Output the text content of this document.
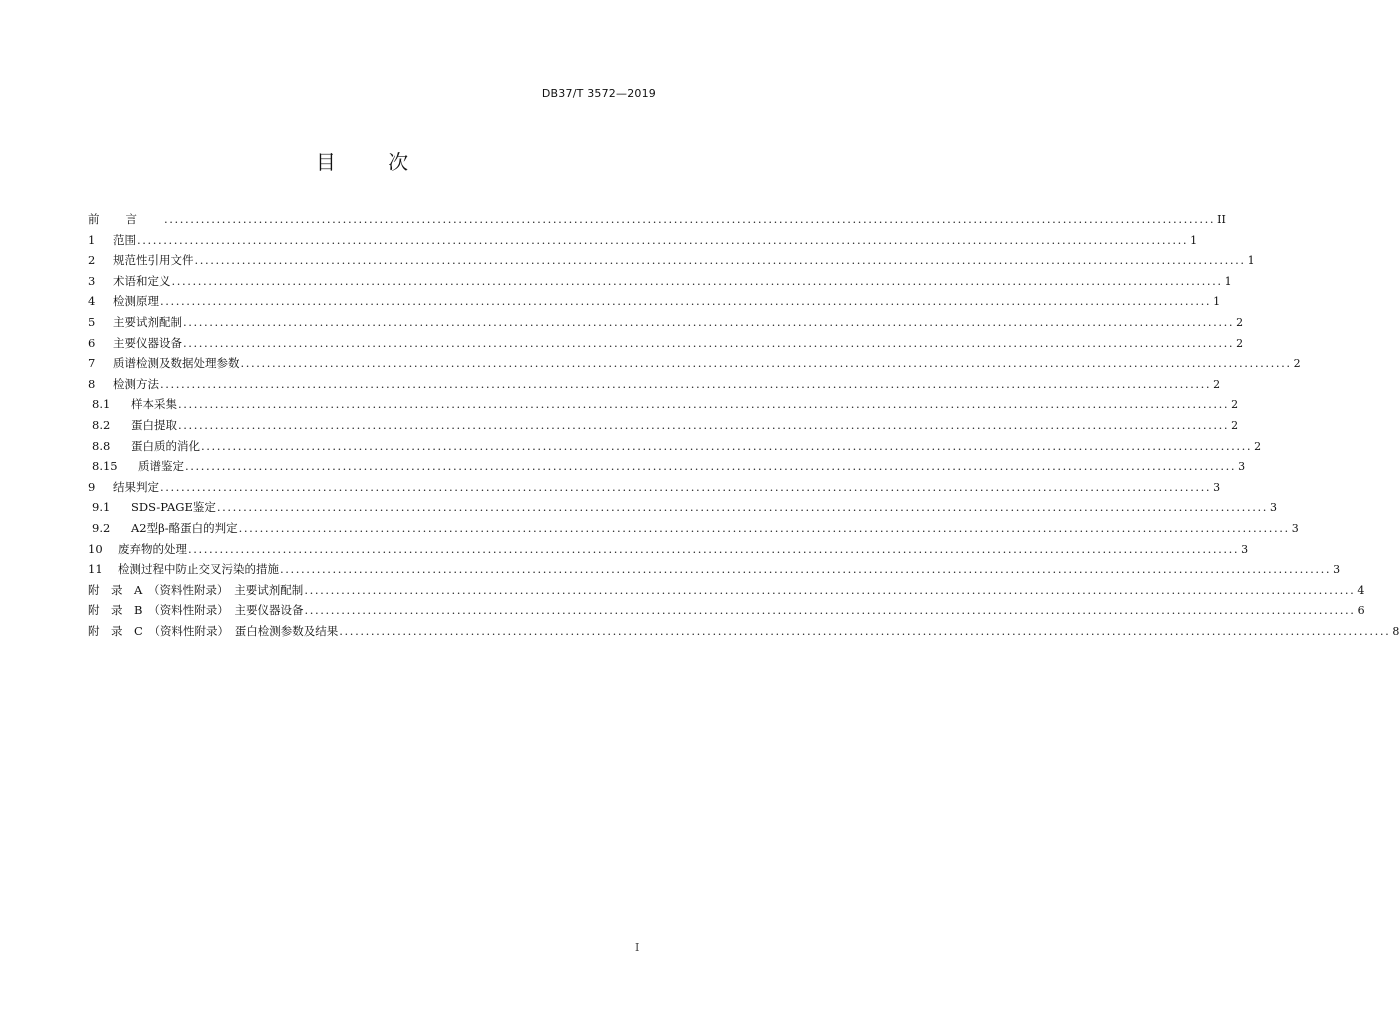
DB37/T 3572—2019
目	次
前言 ........................................................................................................................................................................................................ II
1	范围 ........................................................................................................................................................................................................ 1
2	规范性引用文件 ........................................................................................................................................................................................................ 1
3	术语和定义 ........................................................................................................................................................................................................ 1
4	检测原理 ........................................................................................................................................................................................................ 1
5	主要试剂配制 ........................................................................................................................................................................................................ 2
6	主要仪器设备 ........................................................................................................................................................................................................ 2
7	质谱检测及数据处理参数 ........................................................................................................................................................................................................ 2
8	检测方法 ........................................................................................................................................................................................................ 2
8.1	样本采集 ........................................................................................................................................................................................................ 2
8.2	蛋白提取 ........................................................................................................................................................................................................ 2
8.8	蛋白质的消化 ........................................................................................................................................................................................................ 2
8.15	质谱鉴定 ........................................................................................................................................................................................................ 3
9	结果判定 ........................................................................................................................................................................................................ 3
9.1	SDS-PAGE鉴定 ........................................................................................................................................................................................................ 3
9.2	A2型β-酪蛋白的判定 ........................................................................................................................................................................................................ 3
10	废弃物的处理 ........................................................................................................................................................................................................ 3
11	检测过程中防止交叉污染的措施 ........................................................................................................................................................................................................ 3
附　录　A　（资料性附录）　主要试剂配制 ........................................................................................................................................................................................................ 4
附　录　B　（资料性附录）　主要仪器设备 ........................................................................................................................................................................................................ 6
附　录　C　（资料性附录）　蛋白检测参数及结果 ........................................................................................................................................................................................................ 8
I
